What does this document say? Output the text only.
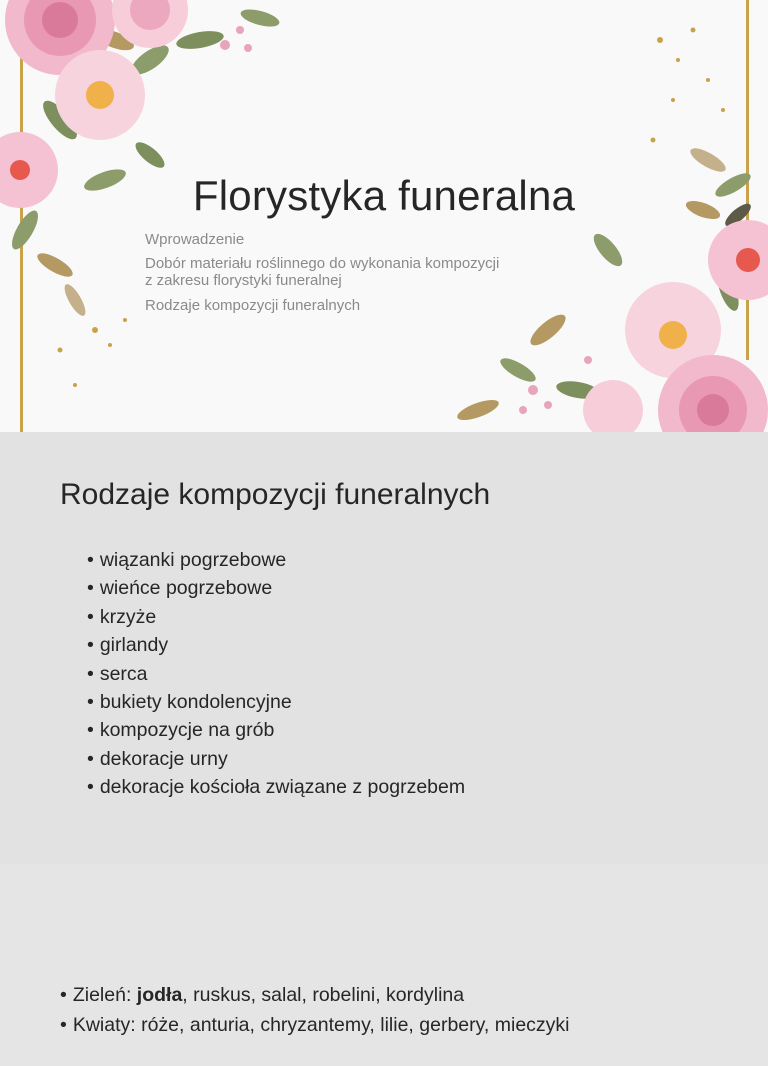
Florystyka funeralna
Wprowadzenie
Dobór materiału roślinnego do wykonania kompozycji
z zakresu florystyki funeralnej
Rodzaje kompozycji funeralnych
Rodzaje kompozycji funeralnych
• wiązanki pogrzebowe
• wieńce pogrzebowe
• krzyże
• girlandy
• serca
• bukiety kondolencyjne
• kompozycje na grób
• dekoracje urny
• dekoracje kościoła związane z pogrzebem
• Zieleń: jodła, ruskus, salal, robelini, kordylina
• Kwiaty: róże, anturia, chryzantemy, lilie, gerbery, mieczyki
